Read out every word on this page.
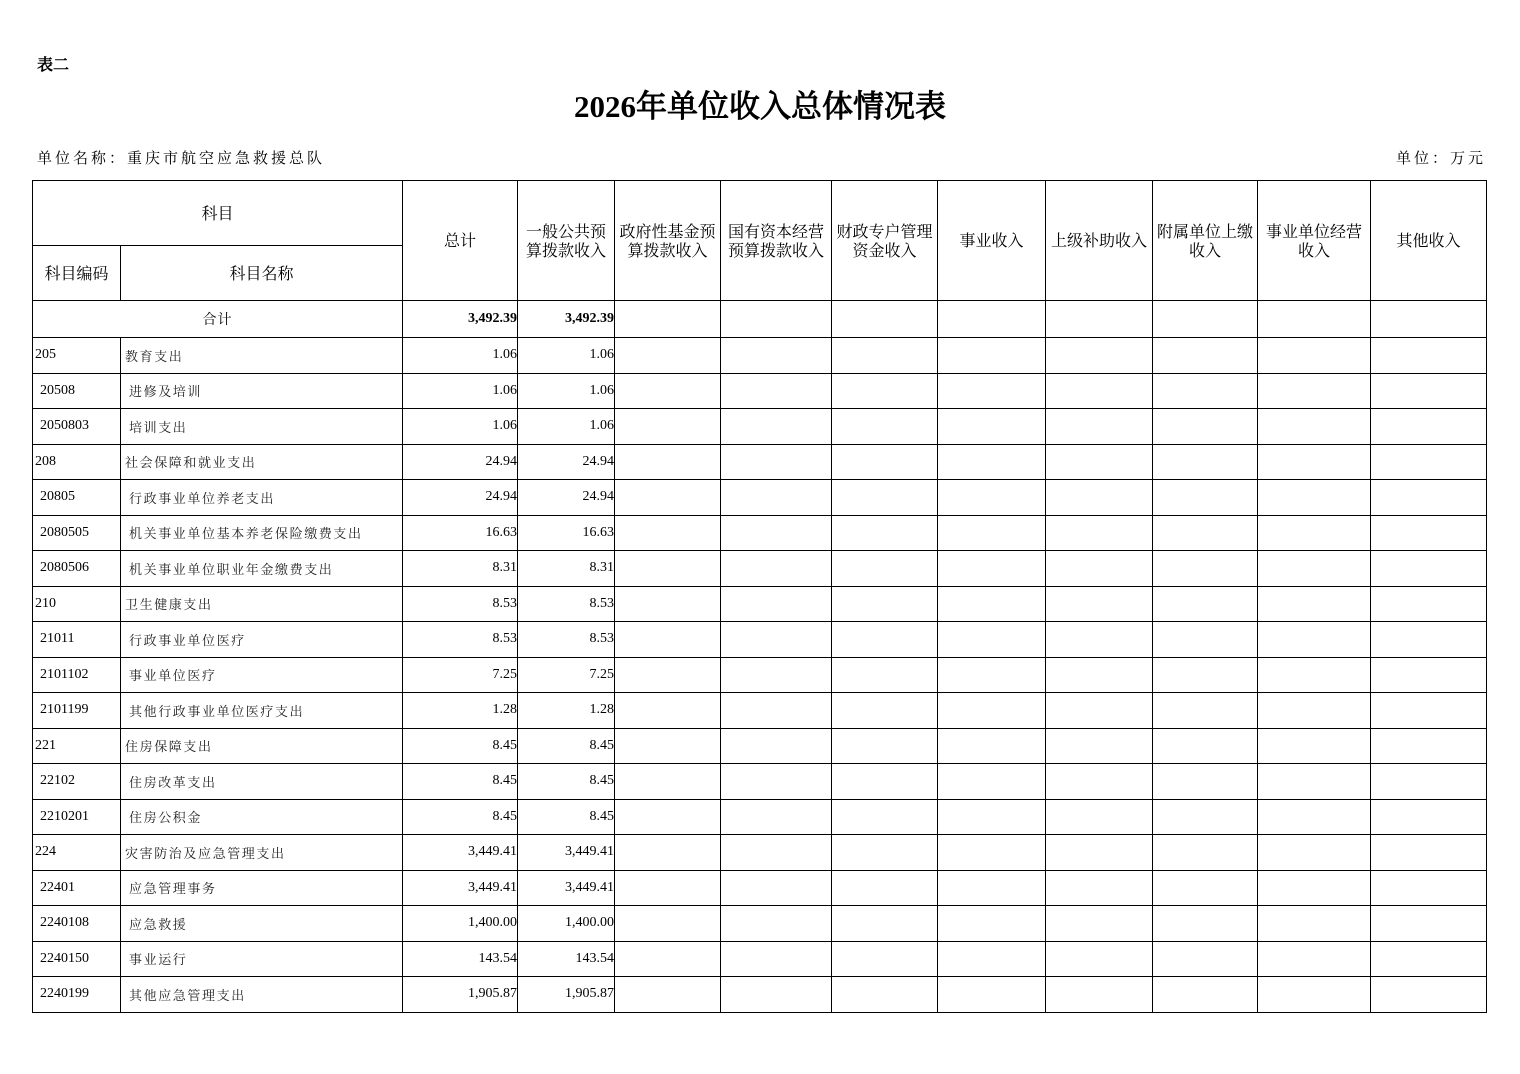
表二
2026年单位收入总体情况表
单位名称：重庆市航空应急救援总队	单位：万元
科目		总计	一般公共预算拨款收入	政府性基金预算拨款收入	国有资本经营预算拨款收入	财政专户管理资金收入	事业收入	上级补助收入	附属单位上缴收入	事业单位经营收入	其他收入
科目编码	科目名称										
合计		3,492.39	3,492.39								
205	教育支出	1.06	1.06								
20508	进修及培训	1.06	1.06								
2050803	培训支出	1.06	1.06								
208	社会保障和就业支出	24.94	24.94								
20805	行政事业单位养老支出	24.94	24.94								
2080505	机关事业单位基本养老保险缴费支出	16.63	16.63								
2080506	机关事业单位职业年金缴费支出	8.31	8.31								
210	卫生健康支出	8.53	8.53								
21011	行政事业单位医疗	8.53	8.53								
2101102	事业单位医疗	7.25	7.25								
2101199	其他行政事业单位医疗支出	1.28	1.28								
221	住房保障支出	8.45	8.45								
22102	住房改革支出	8.45	8.45								
2210201	住房公积金	8.45	8.45								
224	灾害防治及应急管理支出	3,449.41	3,449.41								
22401	应急管理事务	3,449.41	3,449.41								
2240108	应急救援	1,400.00	1,400.00								
2240150	事业运行	143.54	143.54								
2240199	其他应急管理支出	1,905.87	1,905.87								
